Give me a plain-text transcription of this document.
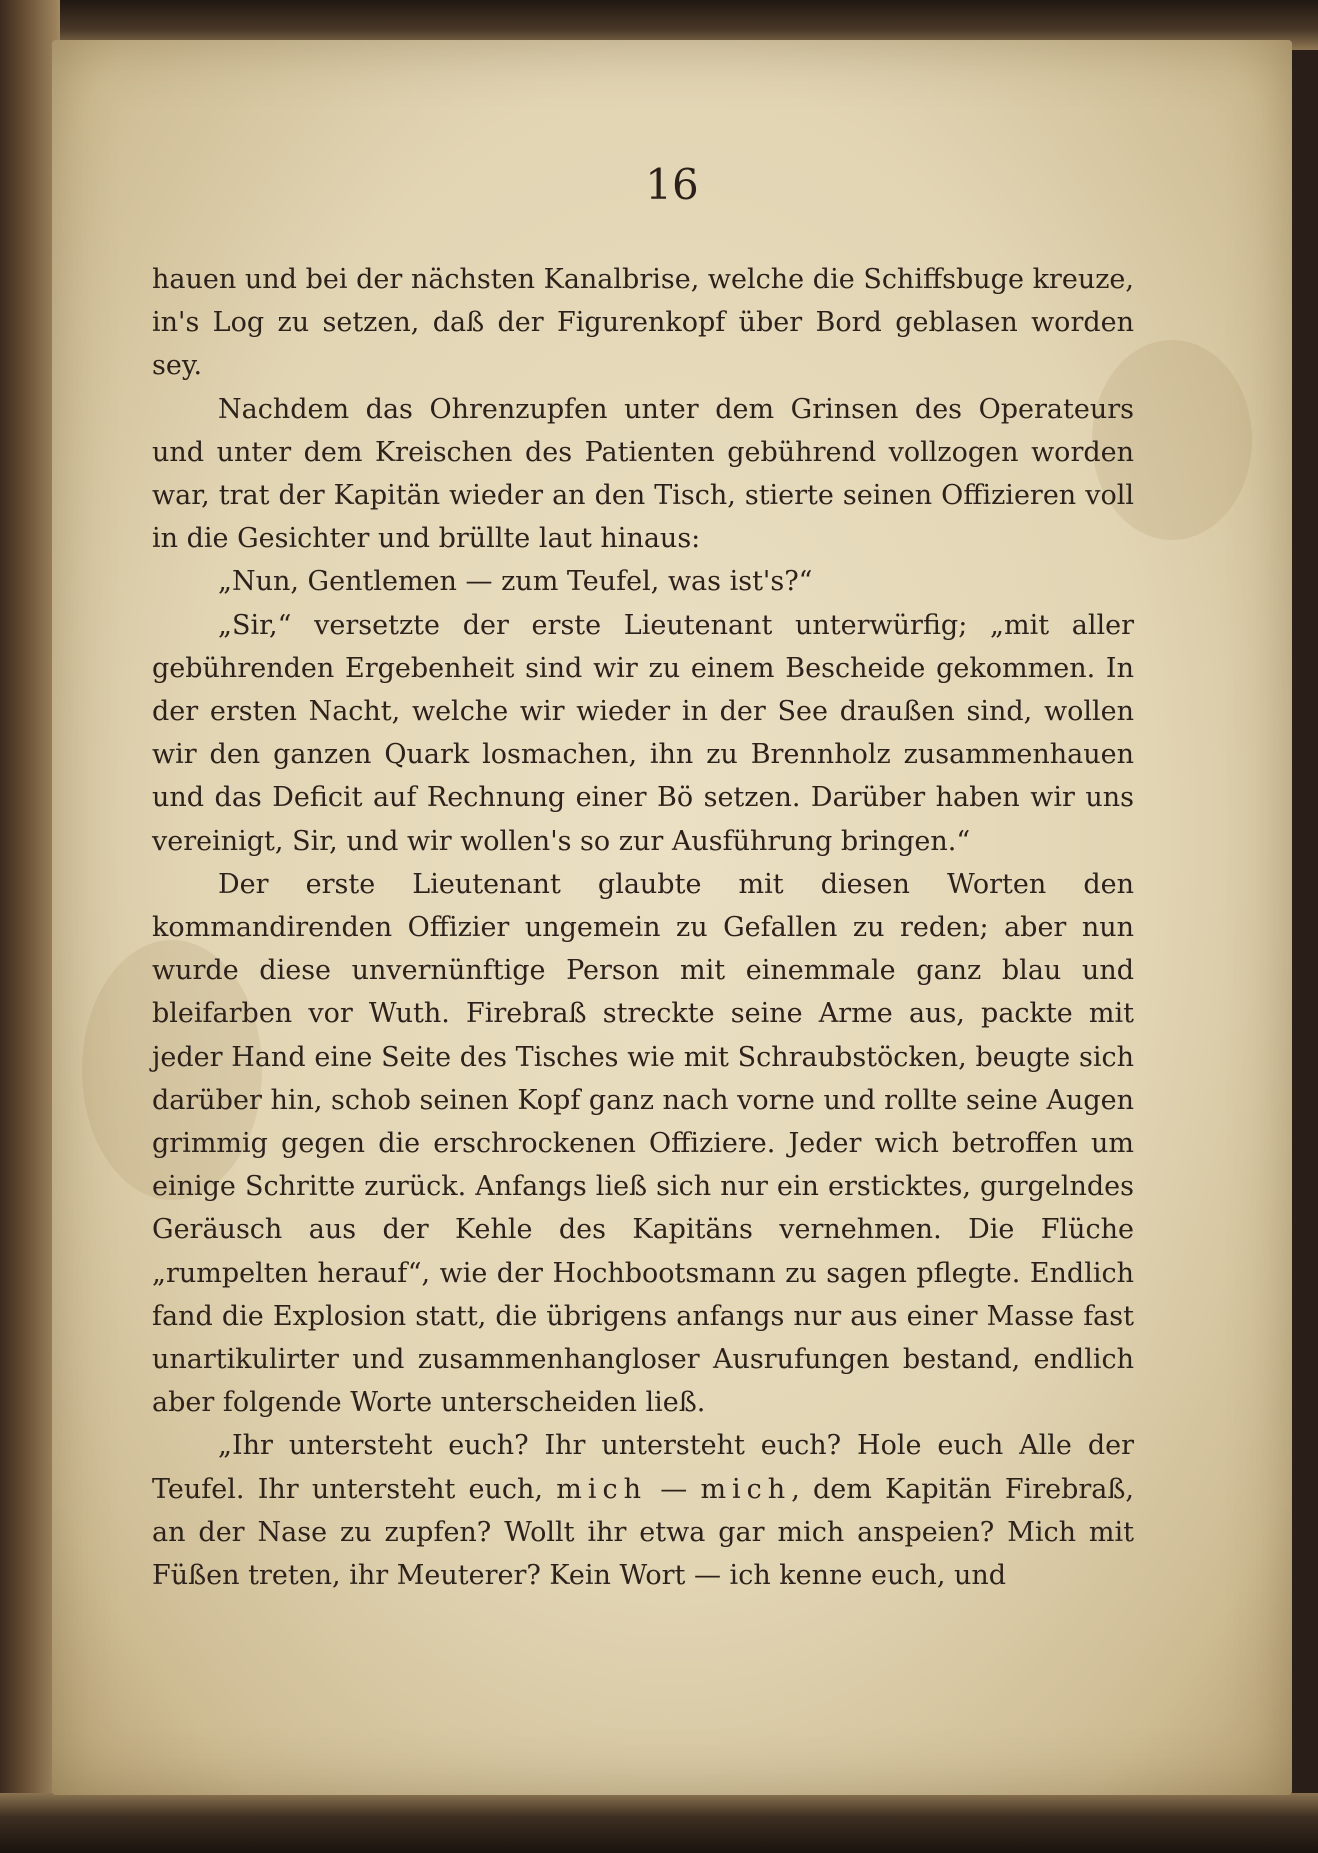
16

hauen und bei der nächsten Kanalbrise, welche die Schiffsbuge kreuze, in's Log zu setzen, daß der Figurenkopf über Bord geblasen worden sey.

Nachdem das Ohrenzupfen unter dem Grinsen des Operateurs und unter dem Kreischen des Patienten gebührend vollzogen worden war, trat der Kapitän wieder an den Tisch, stierte seinen Offizieren voll in die Gesichter und brüllte laut hinaus:

„Nun, Gentlemen — zum Teufel, was ist's?“

„Sir,“ versetzte der erste Lieutenant unterwürfig; „mit aller gebührenden Ergebenheit sind wir zu einem Bescheide gekommen. In der ersten Nacht, welche wir wieder in der See draußen sind, wollen wir den ganzen Quark losmachen, ihn zu Brennholz zusammenhauen und das Deficit auf Rechnung einer Bö setzen. Darüber haben wir uns vereinigt, Sir, und wir wollen's so zur Ausführung bringen.“

Der erste Lieutenant glaubte mit diesen Worten den kommandirenden Offizier ungemein zu Gefallen zu reden; aber nun wurde diese unvernünftige Person mit einemmale ganz blau und bleifarben vor Wuth. Firebraß streckte seine Arme aus, packte mit jeder Hand eine Seite des Tisches wie mit Schraubstöcken, beugte sich darüber hin, schob seinen Kopf ganz nach vorne und rollte seine Augen grimmig gegen die erschrockenen Offiziere. Jeder wich betroffen um einige Schritte zurück. Anfangs ließ sich nur ein ersticktes, gurgelndes Geräusch aus der Kehle des Kapitäns vernehmen. Die Flüche „rumpelten herauf“, wie der Hochbootsmann zu sagen pflegte. Endlich fand die Explosion statt, die übrigens anfangs nur aus einer Masse fast unartikulirter und zusammenhangloser Ausrufungen bestand, endlich aber folgende Worte unterscheiden ließ.

„Ihr untersteht euch? Ihr untersteht euch? Hole euch Alle der Teufel. Ihr untersteht euch, mich — mich, dem Kapitän Firebraß, an der Nase zu zupfen? Wollt ihr etwa gar mich anspeien? Mich mit Füßen treten, ihr Meuterer? Kein Wort — ich kenne euch, und
